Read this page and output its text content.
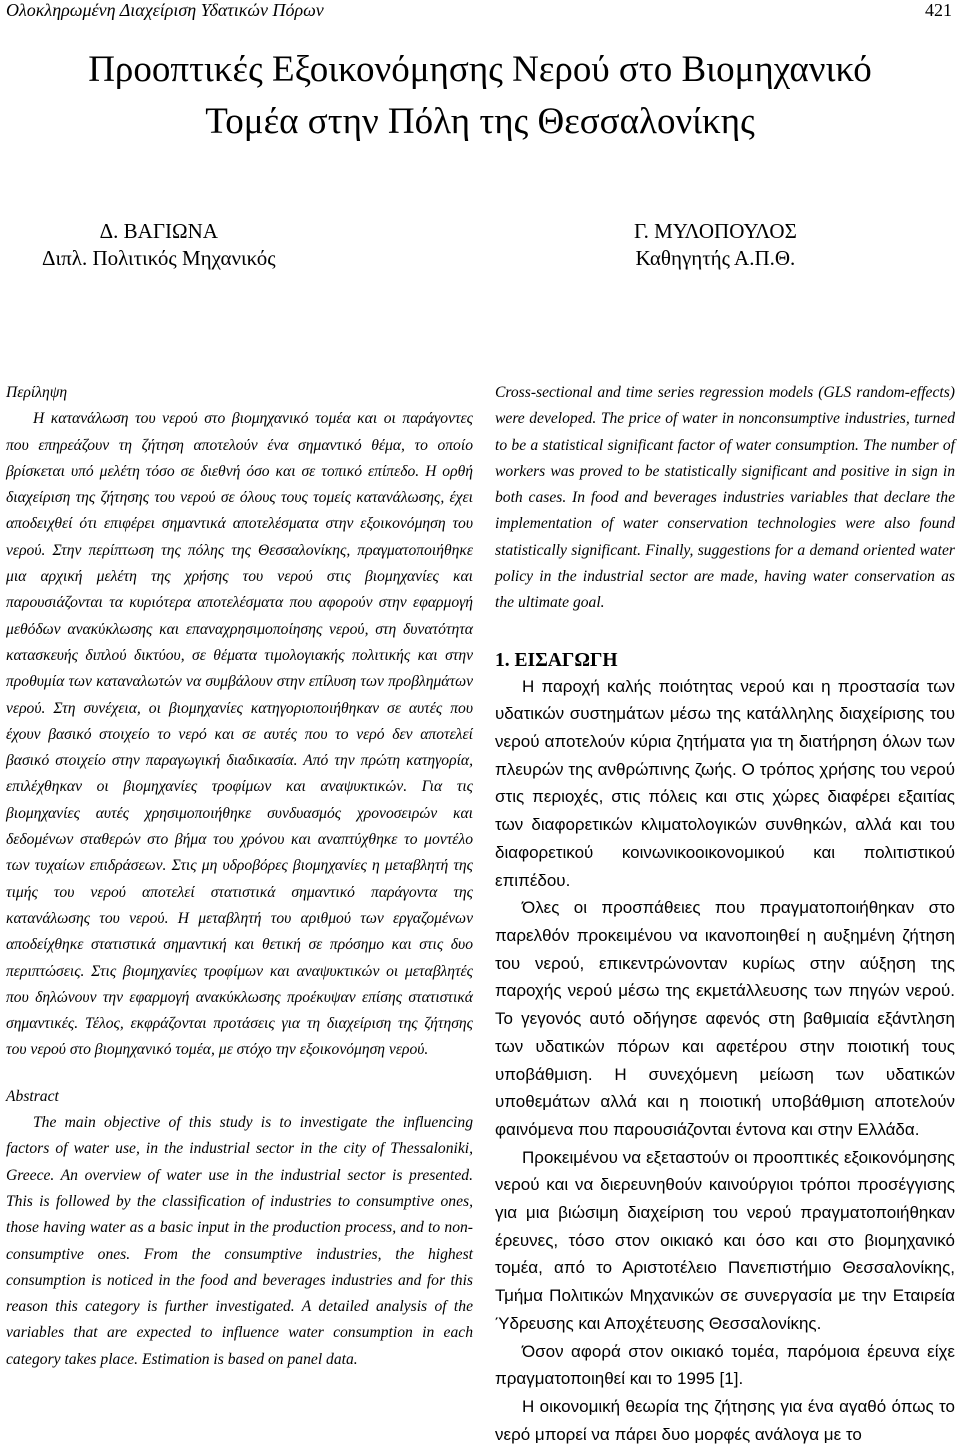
Ολοκληρωμένη Διαχείριση Υδατικών Πόρων	421
Προοπτικές Εξοικονόμησης Νερού στο Βιομηχανικό
Τομέα στην Πόλη της Θεσσαλονίκης
Δ. ΒΑΓΙΩΝΑ
Διπλ. Πολιτικός Μηχανικός
Γ. ΜΥΛΟΠΟΥΛΟΣ
Καθηγητής Α.Π.Θ.

Περίληψη

Η κατανάλωση του νερού στο βιομηχανικό τομέα και οι παράγοντες που επηρεάζουν τη ζήτηση αποτελούν ένα σημαντικό θέμα, το οποίο βρίσκεται υπό μελέτη τόσο σε διεθνή όσο και σε τοπικό επίπεδο. Η ορθή διαχείριση της ζήτησης του νερού σε όλους τους τομείς κατανάλωσης, έχει αποδειχθεί ότι επιφέρει σημαντικά αποτελέσματα στην εξοικονόμηση του νερού. Στην περίπτωση της πόλης της Θεσσαλονίκης, πραγματοποιήθηκε μια αρχική μελέτη της χρήσης του νερού στις βιομηχανίες και παρουσιάζονται τα κυριότερα αποτελέσματα που αφορούν στην εφαρμογή μεθόδων ανακύκλωσης και επαναχρησιμοποίησης νερού, στη δυνατότητα κατασκευής διπλού δικτύου, σε θέματα τιμολογιακής πολιτικής και στην προθυμία των καταναλωτών να συμβάλουν στην επίλυση των προβλημάτων νερού. Στη συνέχεια, οι βιομηχανίες κατηγοριοποιήθηκαν σε αυτές που έχουν βασικό στοιχείο το νερό και σε αυτές που το νερό δεν αποτελεί βασικό στοιχείο στην παραγωγική διαδικασία. Από την πρώτη κατηγορία, επιλέχθηκαν οι βιομηχανίες τροφίμων και αναψυκτικών. Για τις βιομηχανίες αυτές χρησιμοποιήθηκε συνδυασμός χρονοσειρών και δεδομένων σταθερών στο βήμα του χρόνου και αναπτύχθηκε το μοντέλο των τυχαίων επιδράσεων. Στις μη υδροβόρες βιομηχανίες η μεταβλητή της τιμής του νερού αποτελεί στατιστικά σημαντικό παράγοντα της κατανάλωσης του νερού. Η μεταβλητή του αριθμού των εργαζομένων αποδείχθηκε στατιστικά σημαντική και θετική σε πρόσημο και στις δυο περιπτώσεις. Στις βιομηχανίες τροφίμων και αναψυκτικών οι μεταβλητές που δηλώνουν την εφαρμογή ανακύκλωσης προέκυψαν επίσης στατιστικά σημαντικές. Τέλος, εκφράζονται προτάσεις για τη διαχείριση της ζήτησης του νερού στο βιομηχανικό τομέα, με στόχο την εξοικονόμηση νερού.

Abstract

The main objective of this study is to investigate the influencing factors of water use, in the industrial sector in the city of Thessaloniki, Greece. An overview of water use in the industrial sector is presented. This is followed by the classification of industries to consumptive ones, those having water as a basic input in the production process, and to non-consumptive ones. From the consumptive industries, the highest consumption is noticed in the food and beverages industries and for this reason this category is further investigated. A detailed analysis of the variables that are expected to influence water consumption in each category takes place. Estimation is based on panel data.

Cross-sectional and time series regression models (GLS random-effects) were developed. The price of water in nonconsumptive industries, turned to be a statistical significant factor of water consumption. The number of workers was proved to be statistically significant and positive in sign in both cases. In food and beverages industries variables that declare the implementation of water conservation technologies were also found statistically significant. Finally, suggestions for a demand oriented water policy in the industrial sector are made, having water conservation as the ultimate goal.

1. ΕΙΣΑΓΩΓΗ

Η παροχή καλής ποιότητας νερού και η προστασία των υδατικών συστημάτων μέσω της κατάλληλης διαχείρισης του νερού αποτελούν κύρια ζητήματα για τη διατήρηση όλων των πλευρών της ανθρώπινης ζωής. Ο τρόπος χρήσης του νερού στις περιοχές, στις πόλεις και στις χώρες διαφέρει εξαιτίας των διαφορετικών κλιματολογικών συνθηκών, αλλά και του διαφορετικού κοινωνικοοικονομικού και πολιτιστικού επιπέδου.

Όλες οι προσπάθειες που πραγματοποιήθηκαν στο παρελθόν προκειμένου να ικανοποιηθεί η αυξημένη ζήτηση του νερού, επικεντρώνονταν κυρίως στην αύξηση της παροχής νερού μέσω της εκμετάλλευσης των πηγών νερού. Το γεγονός αυτό οδήγησε αφενός στη βαθμιαία εξάντληση των υδατικών πόρων και αφετέρου στην ποιοτική τους υποβάθμιση. Η συνεχόμενη μείωση των υδατικών υποθεμάτων αλλά και η ποιοτική υποβάθμιση αποτελούν φαινόμενα που παρουσιάζονται έντονα και στην Ελλάδα.

Προκειμένου να εξεταστούν οι προοπτικές εξοικονόμησης νερού και να διερευνηθούν καινούργιοι τρόποι προσέγγισης για μια βιώσιμη διαχείριση του νερού πραγματοποιήθηκαν έρευνες, τόσο στον οικιακό και όσο και στο βιομηχανικό τομέα, από το Αριστοτέλειο Πανεπιστήμιο Θεσσαλονίκης, Τμήμα Πολιτικών Μηχανικών σε συνεργασία με την Εταιρεία Ύδρευσης και Αποχέτευσης Θεσσαλονίκης.

Όσον αφορά στον οικιακό τομέα, παρόμοια έρευνα είχε πραγματοποιηθεί και το 1995 [1].

Η οικονομική θεωρία της ζήτησης για ένα αγαθό όπως το νερό μπορεί να πάρει δυο μορφές ανάλογα με το
